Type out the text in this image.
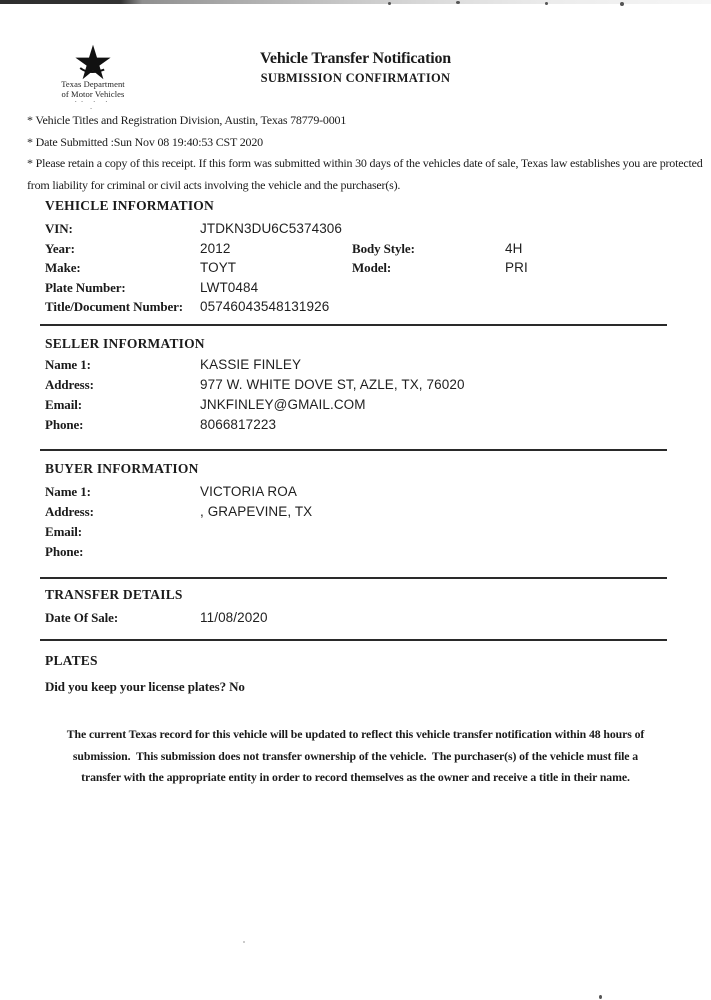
Texas Department
of Motor Vehicles
·· · ·
·
Vehicle Transfer Notification
SUBMISSION CONFIRMATION

* Vehicle Titles and Registration Division, Austin, Texas 78779-0001

* Date Submitted :Sun Nov 08 19:40:53 CST 2020

* Please retain a copy of this receipt. If this form was submitted within 30 days of the vehicles date of sale, Texas law establishes you are protected from liability for criminal or civil acts involving the vehicle and the purchaser(s).

VEHICLE INFORMATION
VIN:	JTDKN3DU6C5374306
Year:	2012	Body Style:	4H
Make:	TOYT	Model:	PRI
Plate Number:	LWT0484
Title/Document Number:	05746043548131926
SELLER INFORMATION
Name 1:	KASSIE FINLEY
Address:	977 W. WHITE DOVE ST, AZLE, TX, 76020
Email:	JNKFINLEY@GMAIL.COM
Phone:	8066817223
BUYER INFORMATION
Name 1:	VICTORIA ROA
Address:	, GRAPEVINE, TX
Email:
Phone:
TRANSFER DETAILS
Date Of Sale:	11/08/2020
PLATES
Did you keep your license plates? No
The current Texas record for this vehicle will be updated to reflect this vehicle transfer notification within 48 hours of
submission.  This submission does not transfer ownership of the vehicle.  The purchaser(s) of the vehicle must file a
transfer with the appropriate entity in order to record themselves as the owner and receive a title in their name.
